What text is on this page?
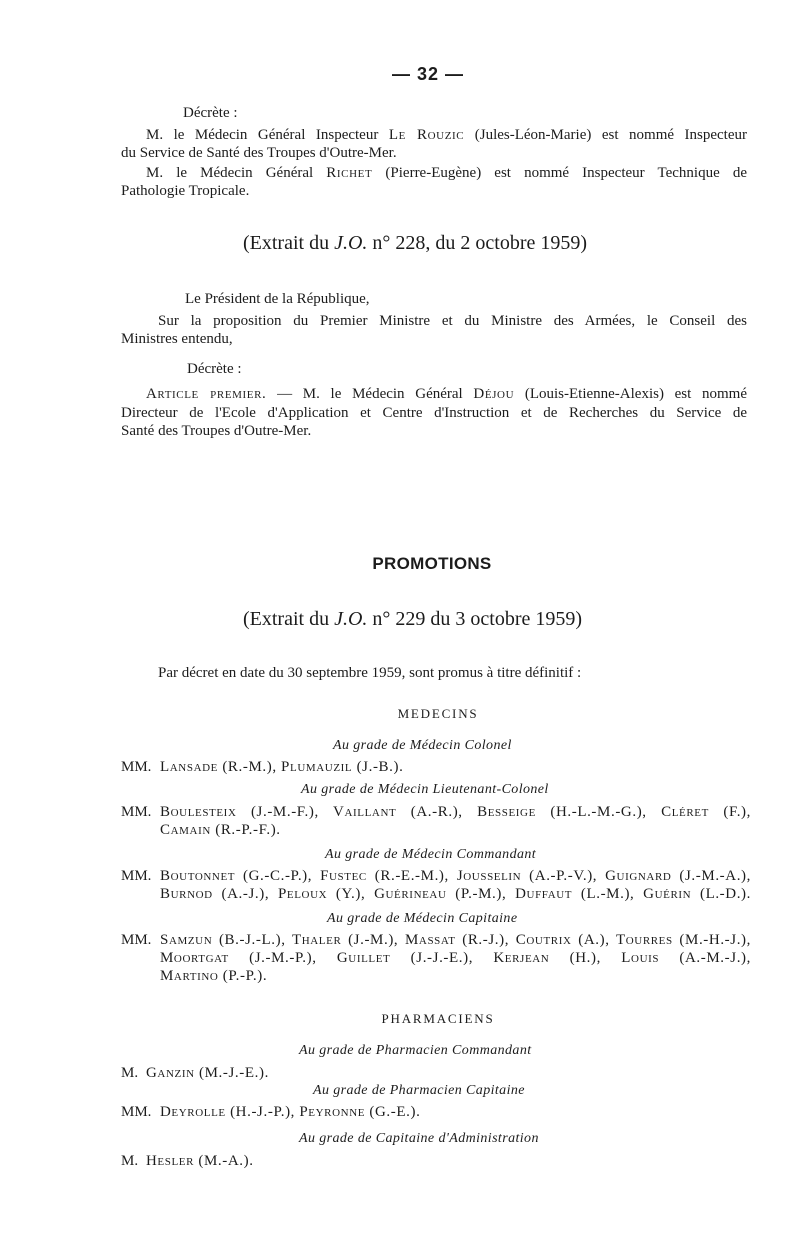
— 32 —
Décrète :
M. le Médecin Général Inspecteur Le Rouzic (Jules-Léon-Marie) est nommé Inspecteur
du Service de Santé des Troupes d'Outre-Mer.
M. le Médecin Général Richet (Pierre-Eugène) est nommé Inspecteur Technique de
Pathologie Tropicale.
(Extrait du J.O. n° 228, du 2 octobre 1959)
Le Président de la République,
Sur la proposition du Premier Ministre et du Ministre des Armées, le Conseil des
Ministres entendu,
Décrète :
Article premier. — M. le Médecin Général Déjou (Louis-Etienne-Alexis) est nommé
Directeur de l'Ecole d'Application et Centre d'Instruction et de Recherches du Service de
Santé des Troupes d'Outre-Mer.
PROMOTIONS
(Extrait du J.O. n° 229 du 3 octobre 1959)
Par décret en date du 30 septembre 1959, sont promus à titre définitif :
MEDECINS
Au grade de Médecin Colonel
MM. Lansade (R.-M.), Plumauzil (J.-B.).
Au grade de Médecin Lieutenant-Colonel
MM. Boulesteix (J.-M.-F.), Vaillant (A.-R.), Besseige (H.-L.-M.-G.), Cléret (F.),
Camain (R.-P.-F.).
Au grade de Médecin Commandant
MM. Boutonnet (G.-C.-P.), Fustec (R.-E.-M.), Jousselin (A.-P.-V.), Guignard (J.-M.-A.),
Burnod (A.-J.), Peloux (Y.), Guérineau (P.-M.), Duffaut (L.-M.), Guérin (L.-D.).
Au grade de Médecin Capitaine
MM. Samzun (B.-J.-L.), Thaler (J.-M.), Massat (R.-J.), Coutrix (A.), Tourres (M.-H.-J.),
Moortgat (J.-M.-P.), Guillet (J.-J.-E.), Kerjean (H.), Louis (A.-M.-J.),
Martino (P.-P.).
PHARMACIENS
Au grade de Pharmacien Commandant
M. Ganzin (M.-J.-E.).
Au grade de Pharmacien Capitaine
MM. Deyrolle (H.-J.-P.), Peyronne (G.-E.).
Au grade de Capitaine d'Administration
M. Hesler (M.-A.).
